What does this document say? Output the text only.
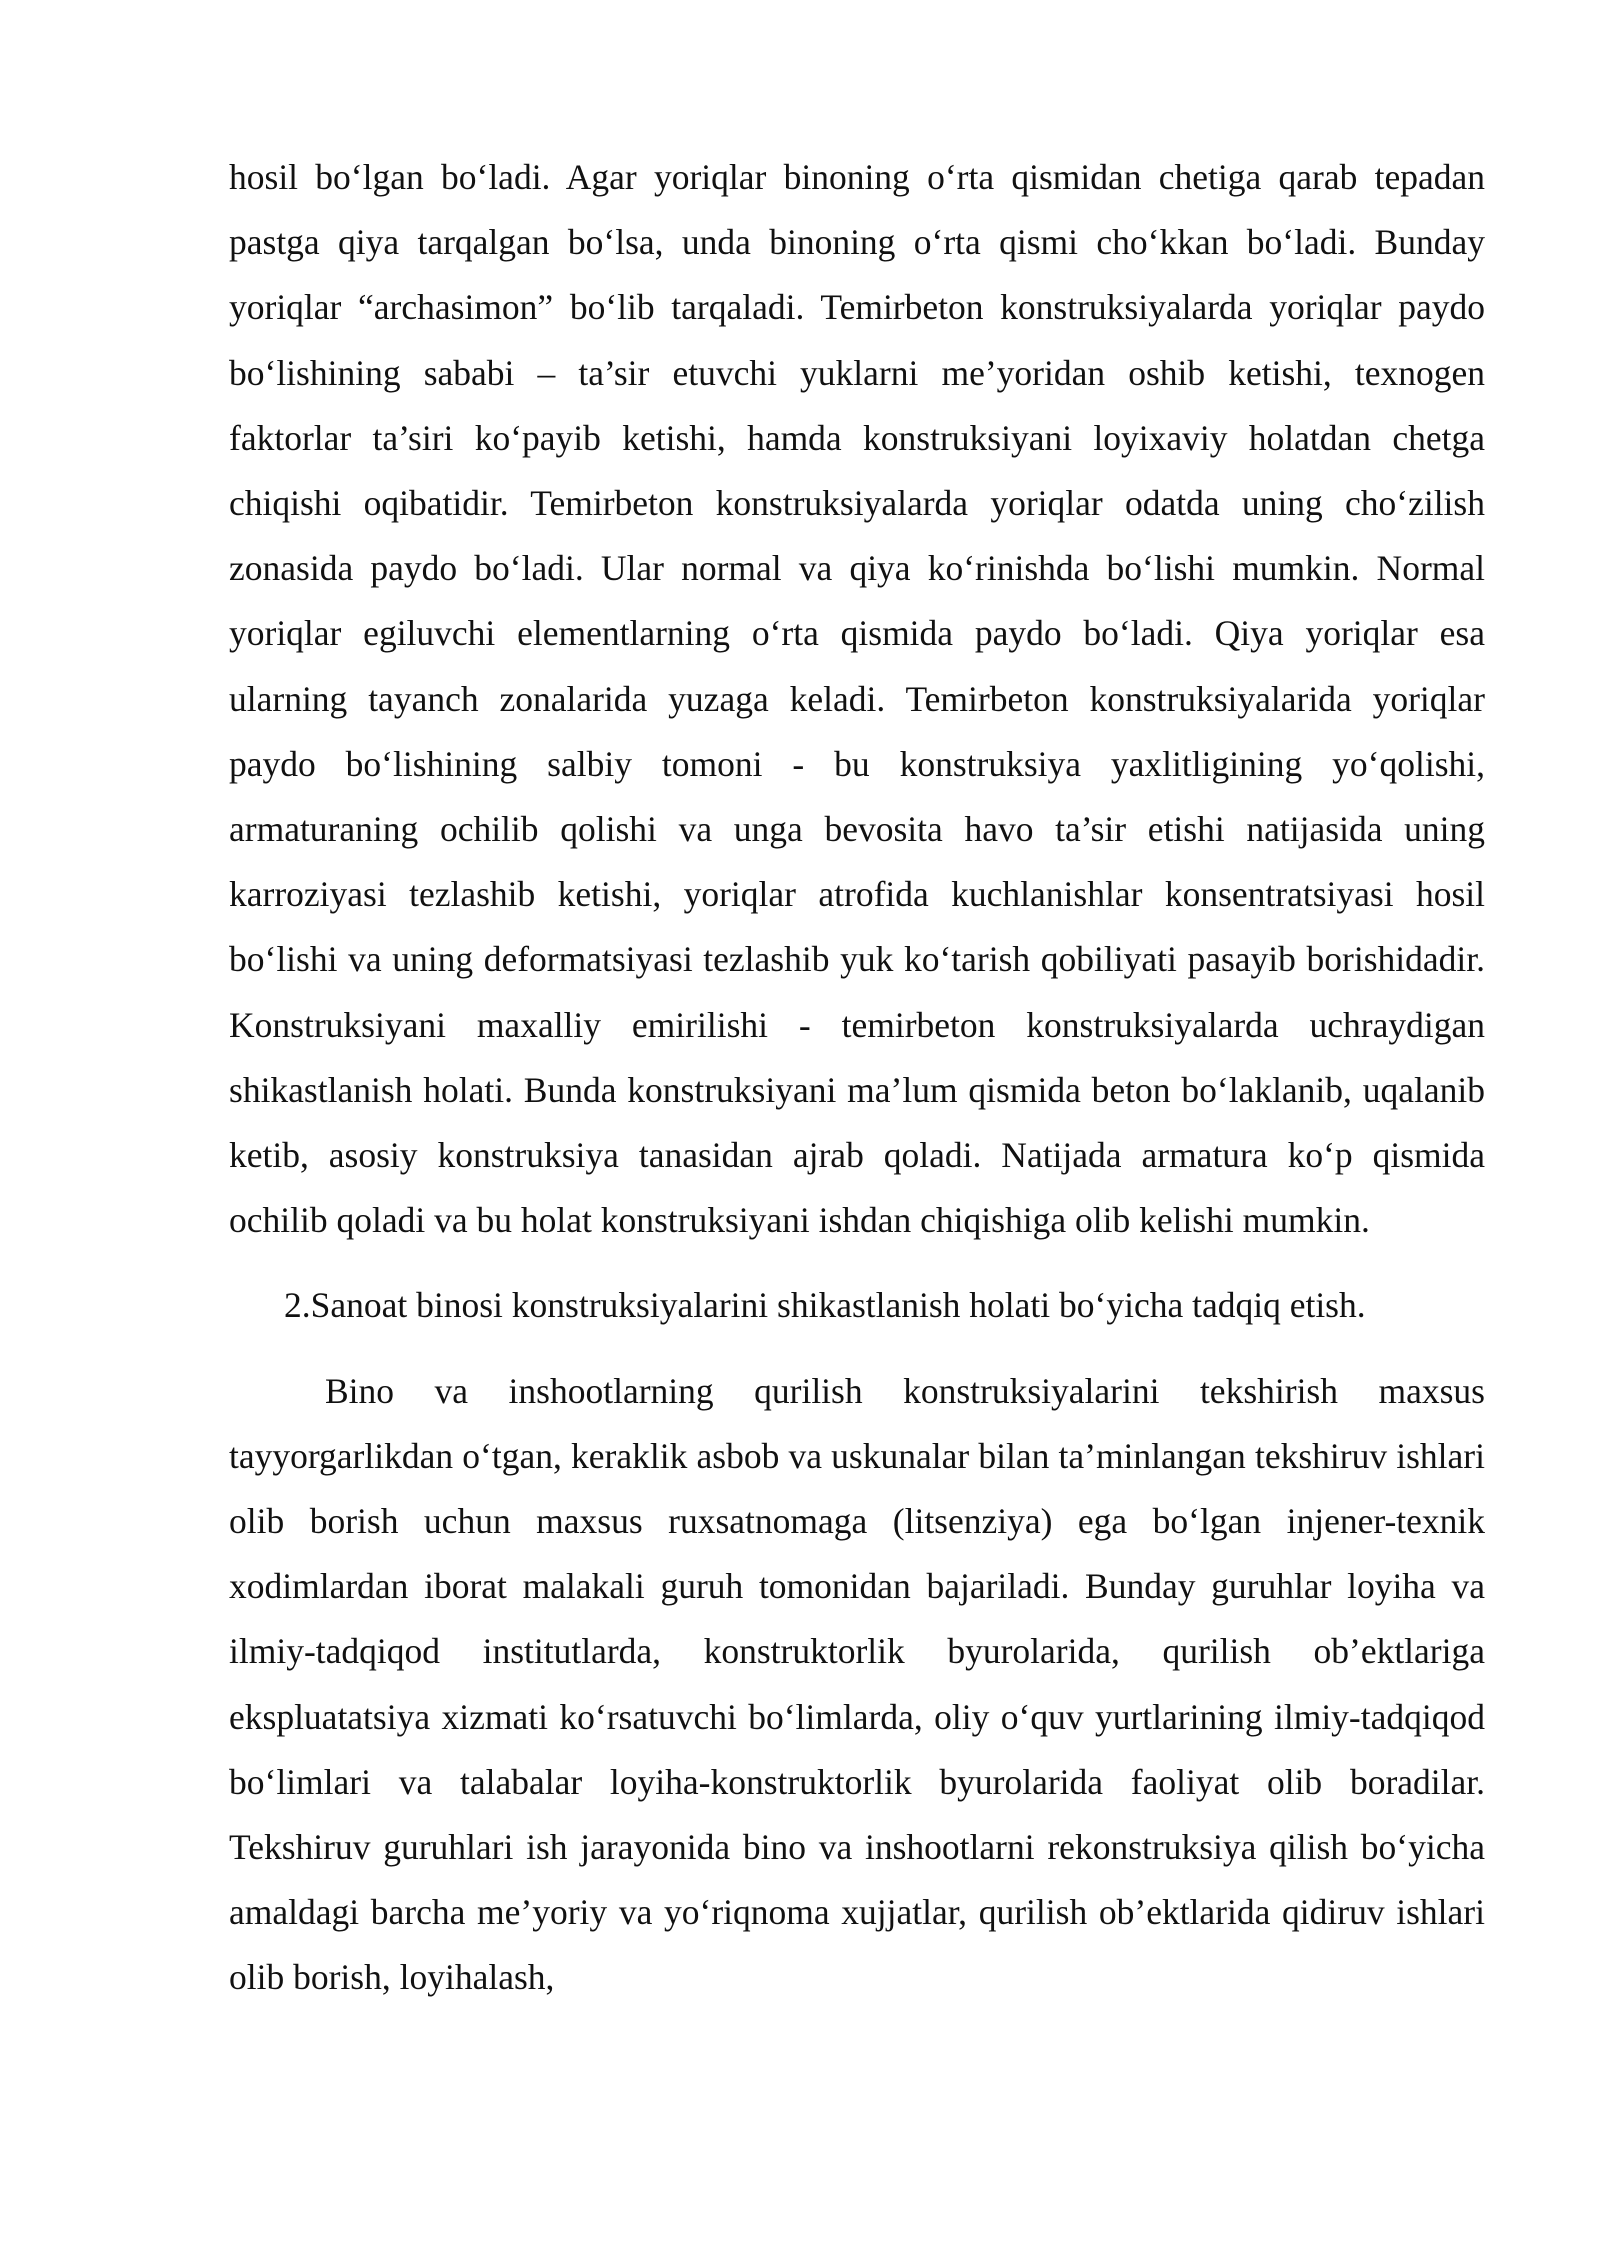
hosil bo‘lgan bo‘ladi. Agar yoriqlar binoning o‘rta qismidan chetiga qarab tepadan pastga qiya tarqalgan bo‘lsa, unda binoning o‘rta qismi cho‘kkan bo‘ladi. Bunday yoriqlar “archasimon” bo‘lib tarqaladi. Temirbeton konstruksiyalarda yoriqlar paydo bo‘lishining sababi – ta’sir etuvchi yuklarni me’yoridan oshib ketishi, texnogen faktorlar ta’siri ko‘payib ketishi, hamda konstruksiyani loyixaviy holatdan chetga chiqishi oqibatidir. Temirbeton konstruksiyalarda yoriqlar odatda uning cho‘zilish zonasida paydo bo‘ladi. Ular normal va qiya ko‘rinishda bo‘lishi mumkin. Normal yoriqlar egiluvchi elementlarning o‘rta qismida paydo bo‘ladi. Qiya yoriqlar esa ularning tayanch zonalarida yuzaga keladi. Temirbeton konstruksiyalarida yoriqlar paydo bo‘lishining salbiy tomoni - bu konstruksiya yaxlitligining yo‘qolishi, armaturaning ochilib qolishi va unga bevosita havo ta’sir etishi natijasida uning karroziyasi tezlashib ketishi, yoriqlar atrofida kuchlanishlar konsentratsiyasi hosil bo‘lishi va uning deformatsiyasi tezlashib yuk ko‘tarish qobiliyati pasayib borishidadir. Konstruksiyani maxalliy emirilishi - temirbeton konstruksiyalarda uchraydigan shikastlanish holati. Bunda konstruksiyani ma’lum qismida beton bo‘laklanib, uqalanib ketib, asosiy konstruksiya tanasidan ajrab qoladi. Natijada armatura ko‘p qismida ochilib qoladi va bu holat konstruksiyani ishdan chiqishiga olib kelishi mumkin.

2.Sanoat binosi konstruksiyalarini shikastlanish holati bo‘yicha tadqiq etish.

Bino va inshootlarning qurilish konstruksiyalarini tekshirish maxsus tayyorgarlikdan o‘tgan, keraklik asbob va uskunalar bilan ta’minlangan tekshiruv ishlari olib borish uchun maxsus ruxsatnomaga (litsenziya) ega bo‘lgan injener-texnik xodimlardan iborat malakali guruh tomonidan bajariladi. Bunday guruhlar loyiha va ilmiy-tadqiqod institutlarda, konstruktorlik byurolarida, qurilish ob’ektlariga ekspluatatsiya xizmati ko‘rsatuvchi bo‘limlarda, oliy o‘quv yurtlarining ilmiy-tadqiqod bo‘limlari va talabalar loyiha-konstruktorlik byurolarida faoliyat olib boradilar. Tekshiruv guruhlari ish jarayonida bino va inshootlarni rekonstruksiya qilish bo‘yicha amaldagi barcha me’yoriy va yo‘riqnoma xujjatlar, qurilish ob’ektlarida qidiruv ishlari olib borish, loyihalash,
